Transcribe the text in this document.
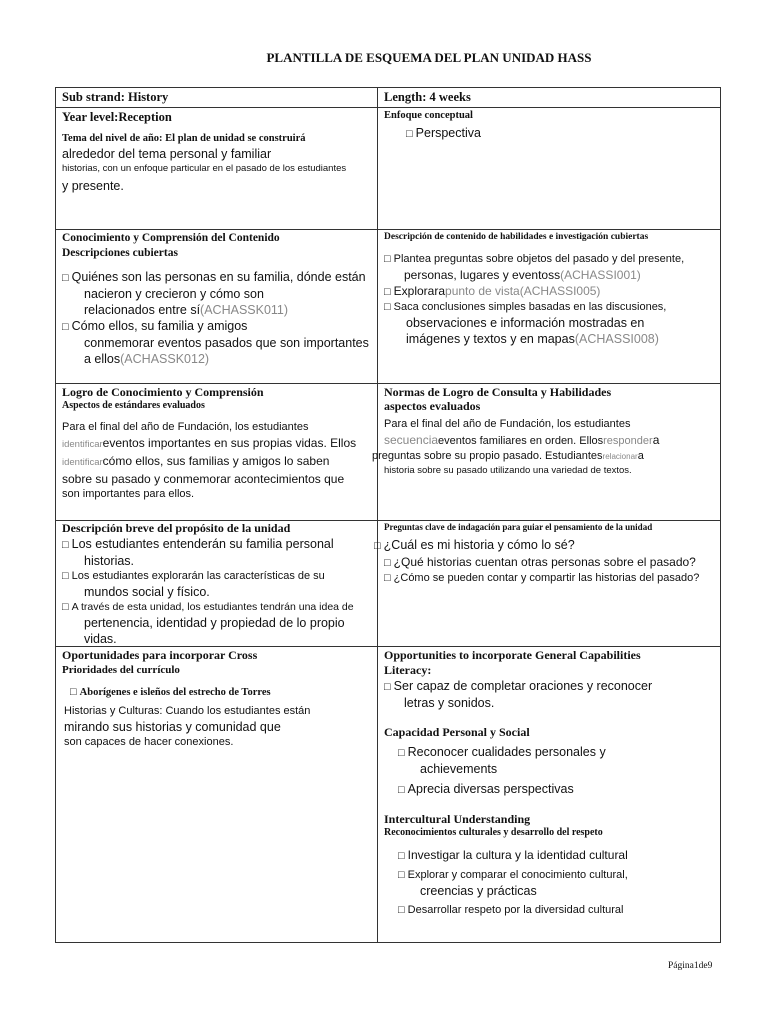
PLANTILLA DE ESQUEMA DEL PLAN UNIDAD HASS
Sub strand: History	Length: 4 weeks
Year level:Reception
Tema del nivel de año: El plan de unidad se construirá
alrededor del tema personal y familiar
historias, con un enfoque particular en el pasado de los estudiantes
y presente.
Enfoque conceptual
□ Perspectiva
Conocimiento y Comprensión del Contenido
Descripciones cubiertas
□ Quiénes son las personas en su familia, dónde están
nacieron y crecieron y cómo son
relacionados entre sí(ACHASSK011)
□ Cómo ellos, su familia y amigos
conmemorar eventos pasados que son importantes
a ellos(ACHASSK012)
Descripción de contenido de habilidades e investigación cubiertas
□ Plantea preguntas sobre objetos del pasado y del presente,
personas, lugares y eventoss(ACHASSI001)
□ Explorarapunto de vista(ACHASSI005)
□ Saca conclusiones simples basadas en las discusiones,
observaciones e información mostradas en
imágenes y textos y en mapas(ACHASSI008)
Logro de Conocimiento y Comprensión
Aspectos de estándares evaluados
Para el final del año de Fundación, los estudiantes
identificareventos importantes en sus propias vidas. Ellos
identificarcómo ellos, sus familias y amigos lo saben
sobre su pasado y conmemorar acontecimientos que
son importantes para ellos.
Normas de Logro de Consulta y Habilidades
aspectos evaluados
Para el final del año de Fundación, los estudiantes
secuenciaeventos familiares en orden. Ellosrespondera
preguntas sobre su propio pasado. Estudiantesrelacionara
historia sobre su pasado utilizando una variedad de textos.
Descripción breve del propósito de la unidad
□ Los estudiantes entenderán su familia personal
historias.
□ Los estudiantes explorarán las características de su
mundos social y físico.
□ A través de esta unidad, los estudiantes tendrán una idea de
pertenencia, identidad y propiedad de lo propio
vidas.
Preguntas clave de indagación para guiar el pensamiento de la unidad
□ ¿Cuál es mi historia y cómo lo sé?
□ ¿Qué historias cuentan otras personas sobre el pasado?
□ ¿Cómo se pueden contar y compartir las historias del pasado?
Oportunidades para incorporar Cross
Prioridades del currículo
□ Aborígenes e isleños del estrecho de Torres
Historias y Culturas: Cuando los estudiantes están
mirando sus historias y comunidad que
son capaces de hacer conexiones.
Opportunities to incorporate General Capabilities
Literacy:
□ Ser capaz de completar oraciones y reconocer
letras y sonidos.
Capacidad Personal y Social
□ Reconocer cualidades personales y
achievements
□ Aprecia diversas perspectivas
Intercultural Understanding
Reconocimientos culturales y desarrollo del respeto
□ Investigar la cultura y la identidad cultural
□ Explorar y comparar el conocimiento cultural,
creencias y prácticas
□ Desarrollar respeto por la diversidad cultural
Página1de9
